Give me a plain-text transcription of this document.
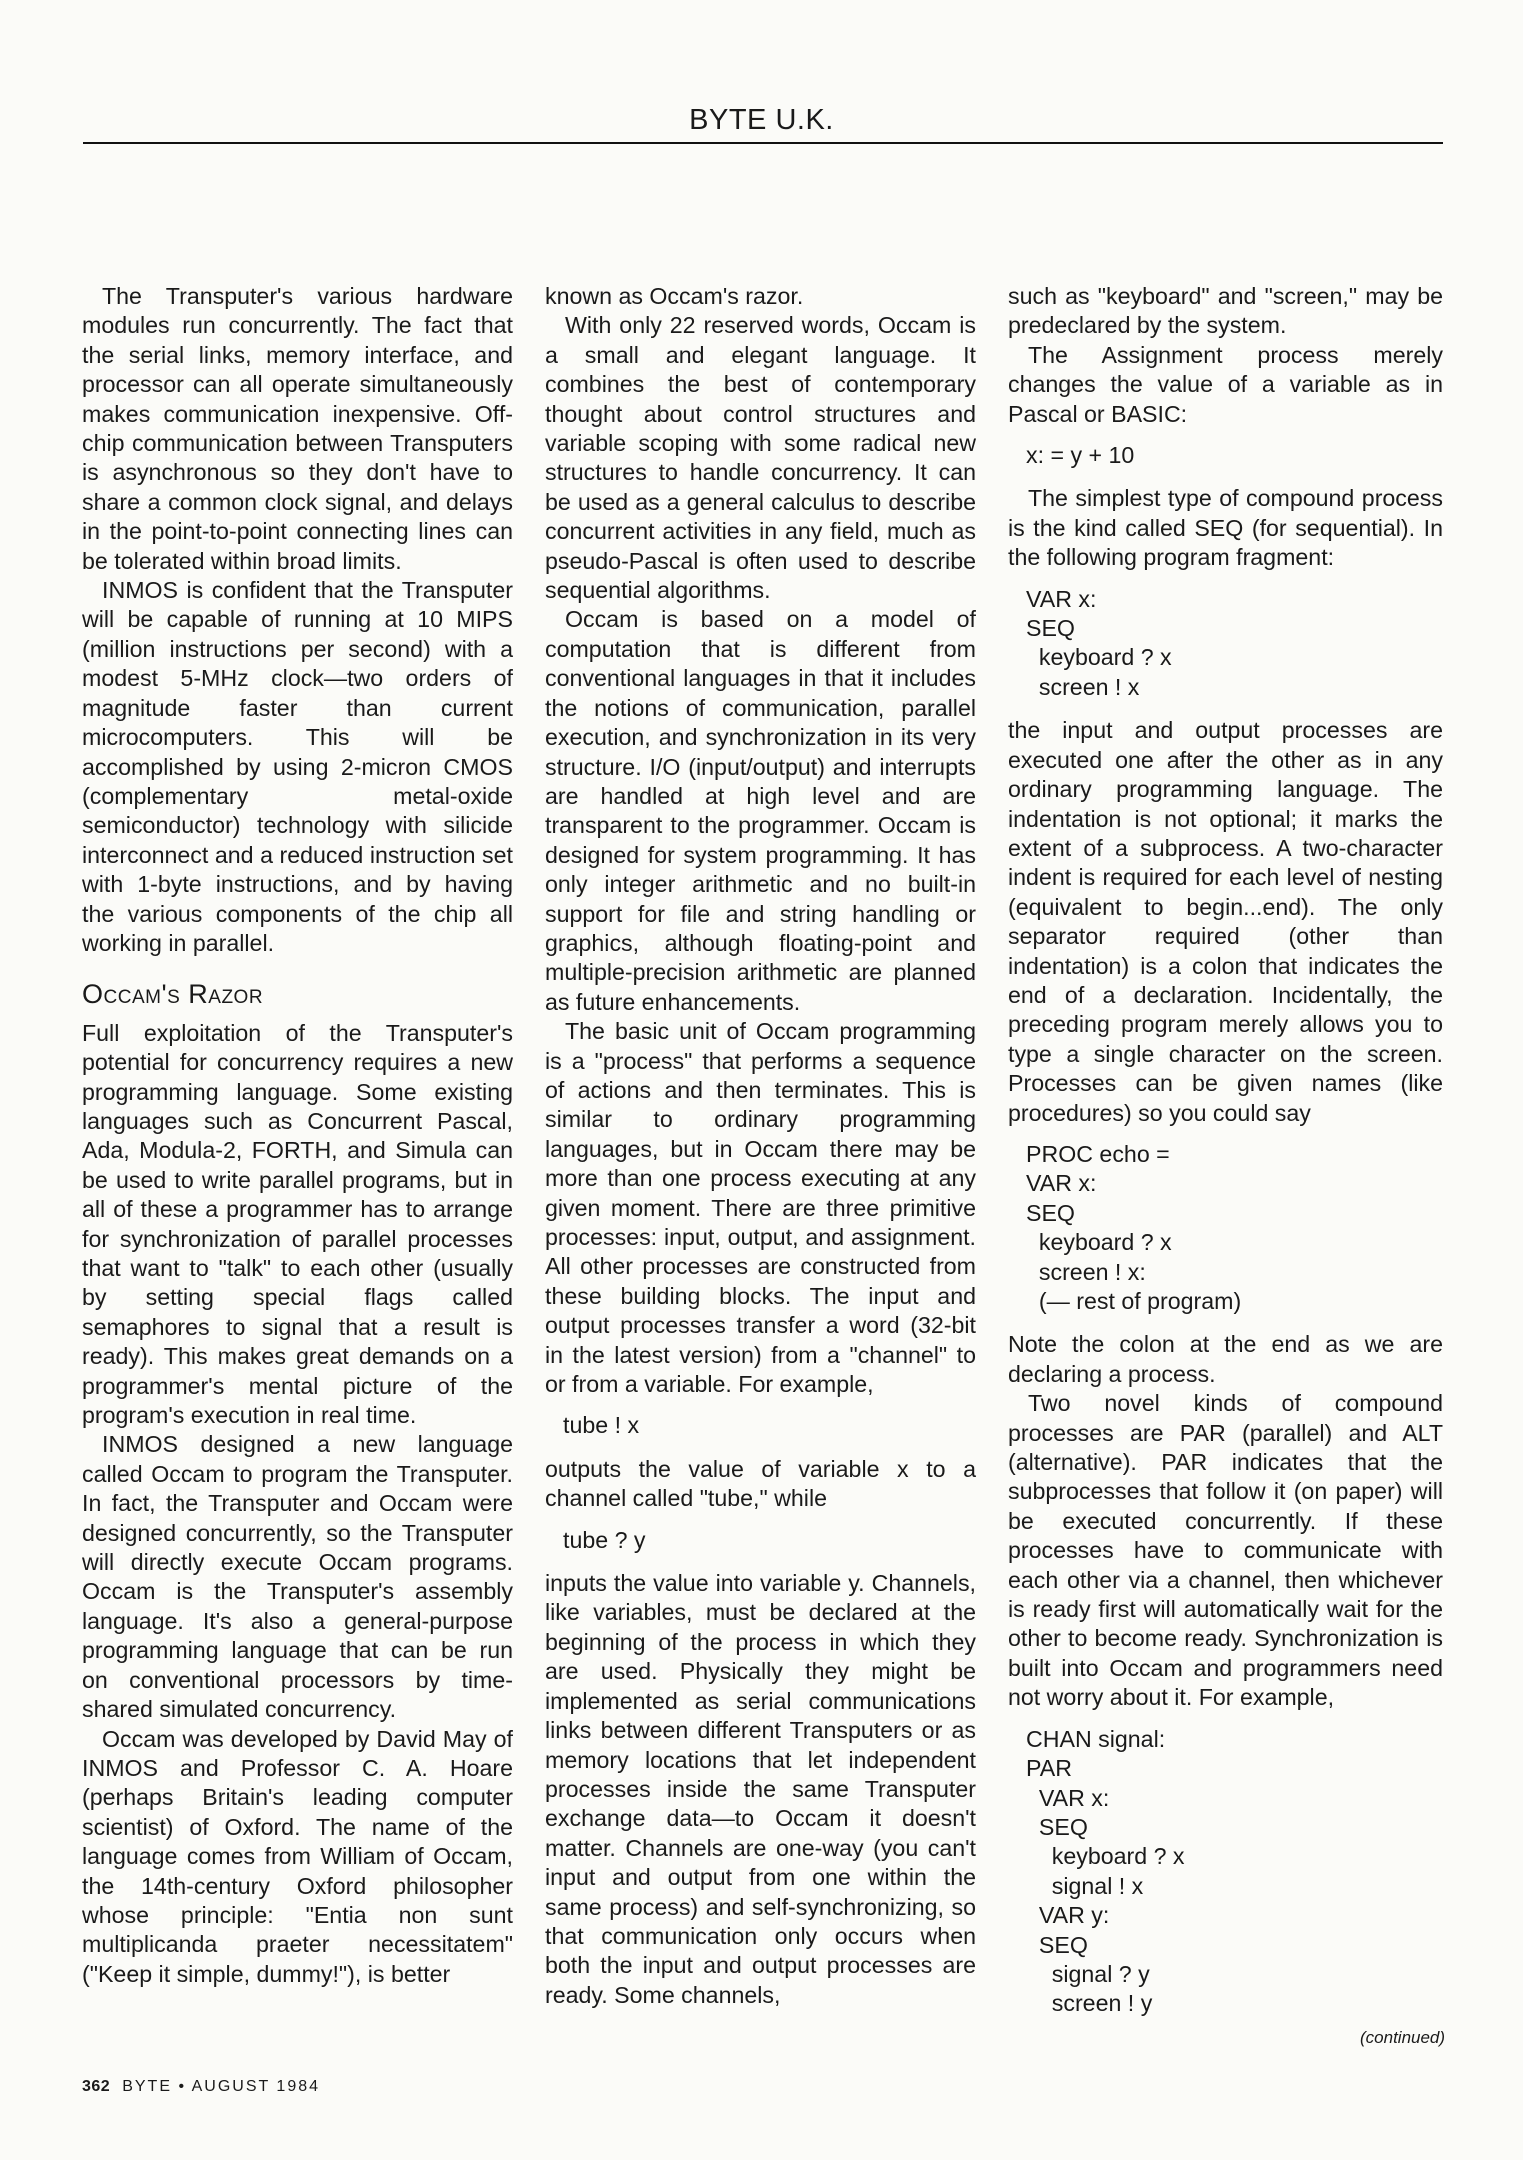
BYTE U.K.

The Transputer's various hardware modules run concurrently. The fact that the serial links, memory interface, and processor can all operate simultaneously makes communication inexpensive. Off-chip communication between Transputers is asynchronous so they don't have to share a common clock signal, and delays in the point-to-point connecting lines can be tolerated within broad limits.

INMOS is confident that the Transputer will be capable of running at 10 MIPS (million instructions per second) with a modest 5-MHz clock—two orders of magnitude faster than current microcomputers. This will be accomplished by using 2-micron CMOS (complementary metal-oxide semiconductor) technology with silicide interconnect and a reduced instruction set with 1-byte instructions, and by having the various components of the chip all working in parallel.

Occam's Razor

Full exploitation of the Transputer's potential for concurrency requires a new programming language. Some existing languages such as Concurrent Pascal, Ada, Modula-2, FORTH, and Simula can be used to write parallel programs, but in all of these a programmer has to arrange for synchronization of parallel processes that want to "talk" to each other (usually by setting special flags called semaphores to signal that a result is ready). This makes great demands on a programmer's mental picture of the program's execution in real time.

INMOS designed a new language called Occam to program the Transputer. In fact, the Transputer and Occam were designed concurrently, so the Transputer will directly execute Occam programs. Occam is the Transputer's assembly language. It's also a general-purpose programming language that can be run on conventional processors by time-shared simulated concurrency.

Occam was developed by David May of INMOS and Professor C. A. Hoare (perhaps Britain's leading computer scientist) of Oxford. The name of the language comes from William of Occam, the 14th-century Oxford philosopher whose principle: "Entia non sunt multiplicanda praeter necessitatem" ("Keep it simple, dummy!"), is better

known as Occam's razor.

With only 22 reserved words, Occam is a small and elegant language. It combines the best of contemporary thought about control structures and variable scoping with some radical new structures to handle concurrency. It can be used as a general calculus to describe concurrent activities in any field, much as pseudo-Pascal is often used to describe sequential algorithms.

Occam is based on a model of computation that is different from conventional languages in that it includes the notions of communication, parallel execution, and synchronization in its very structure. I/O (input/output) and interrupts are handled at high level and are transparent to the programmer. Occam is designed for system programming. It has only integer arithmetic and no built-in support for file and string handling or graphics, although floating-point and multiple-precision arithmetic are planned as future enhancements.

The basic unit of Occam programming is a "process" that performs a sequence of actions and then terminates. This is similar to ordinary programming languages, but in Occam there may be more than one process executing at any given moment. There are three primitive processes: input, output, and assignment. All other processes are constructed from these building blocks. The input and output processes transfer a word (32-bit in the latest version) from a "channel" to or from a variable. For example,

tube ! x

outputs the value of variable x to a channel called "tube," while

tube ? y

inputs the value into variable y. Channels, like variables, must be declared at the beginning of the process in which they are used. Physically they might be implemented as serial communications links between different Transputers or as memory locations that let independent processes inside the same Transputer exchange data—to Occam it doesn't matter. Channels are one-way (you can't input and output from one within the same process) and self-synchronizing, so that communication only occurs when both the input and output processes are ready. Some channels,

such as "keyboard" and "screen," may be predeclared by the system.

The Assignment process merely changes the value of a variable as in Pascal or BASIC:

x: = y + 10

The simplest type of compound process is the kind called SEQ (for sequential). In the following program fragment:

VAR x:
SEQ
keyboard ? x
screen ! x

the input and output processes are executed one after the other as in any ordinary programming language. The indentation is not optional; it marks the extent of a subprocess. A two-character indent is required for each level of nesting (equivalent to begin...end). The only separator required (other than indentation) is a colon that indicates the end of a declaration. Incidentally, the preceding program merely allows you to type a single character on the screen. Processes can be given names (like procedures) so you could say

PROC echo =
VAR x:
SEQ
keyboard ? x
screen ! x:
(— rest of program)

Note the colon at the end as we are declaring a process.

Two novel kinds of compound processes are PAR (parallel) and ALT (alternative). PAR indicates that the subprocesses that follow it (on paper) will be executed concurrently. If these processes have to communicate with each other via a channel, then whichever is ready first will automatically wait for the other to become ready. Synchronization is built into Occam and programmers need not worry about it. For example,

CHAN signal:
PAR
VAR x:
SEQ
keyboard ? x
signal ! x
VAR y:
SEQ
signal ? y
screen ! y
(continued)
362 BYTE • AUGUST 1984
